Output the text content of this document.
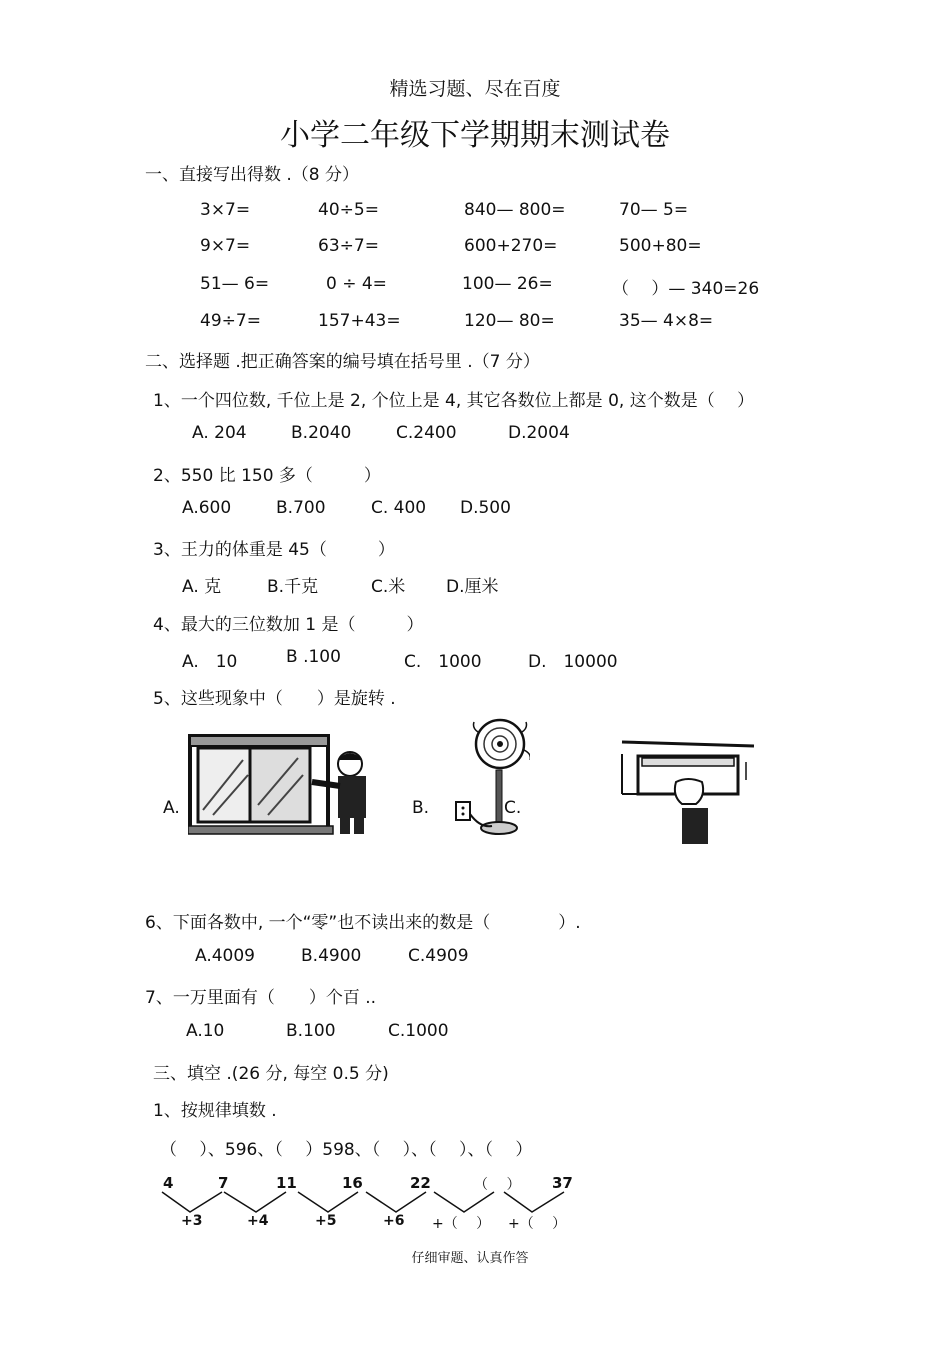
精选习题、尽在百度
小学二年级下学期期末测试卷
一、直接写出得数 .（8 分）
3×7=	40÷5=	840— 800=	70— 5=
9×7=	63÷7=	600+270=	500+80=
51— 6=	0 ÷ 4=	100— 26=	（　 ）— 340=26
49÷7=	157+43=	120— 80=	35— 4×8=
二、选择题 .把正确答案的编号填在括号里 .（7 分）
1、一个四位数, 千位上是 2, 个位上是 4, 其它各数位上都是 0, 这个数是（　 ）
A. 204	B.2040	C.2400	D.2004
2、550 比 150 多（　　　）
A.600	B.700	C. 400 D.500
3、王力的体重是 45（　　　）
A. 克	B.千克	C.米 D.厘米
4、最大的三位数加 1 是（　　　）
A.　10	B .100	C.　1000	D.　10000
5、这些现象中（　　）是旋转 .
A.	B.	C.
6、下面各数中, 一个“零”也不读出来的数是（　　　　）.
A.4009	B.4900	C.4909
7、一万里面有（　　）个百 ..
A.10	B.100	C.1000
三、填空 .(26 分, 每空 0.5 分)
1、按规律填数 .
（　 ）、596、（　 ）598、（　 ）、（　 ）、（　 ）
4	7	11	16	22	（　 ） 37
+3	+4	+5	+6 +（　 ） +（　 ）
仔细审题、认真作答
